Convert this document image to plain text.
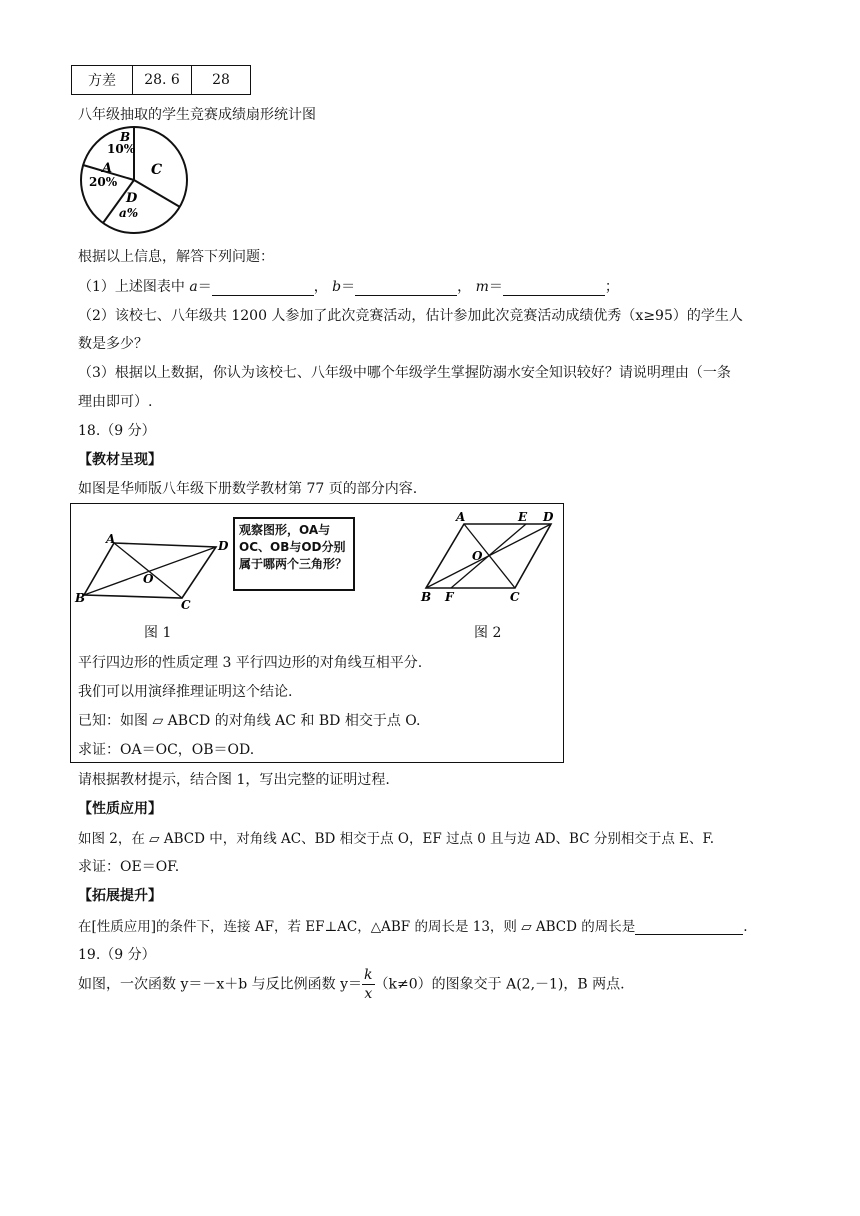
方差	28. 6	28
八年级抽取的学生竞赛成绩扇形统计图
B
10%
A
20%
C
D
a%
根据以上信息，解答下列问题：
（1）上述图表中 a＝	， b＝	， m＝	；
（2）该校七、八年级共 1200 人参加了此次竞赛活动，估计参加此次竞赛活动成绩优秀（x≥95）的学生人
数是多少？
（3）根据以上数据，你认为该校七、八年级中哪个年级学生掌握防溺水安全知识较好？请说明理由（一条
理由即可）.
18.（9 分）
【教材呈现】
如图是华师版八年级下册数学教材第 77 页的部分内容.
A	D
B	C
O
观察图形，OA与OC、OB与OD分别属于哪两个三角形？
A	E D
O
B F	C
图 1	图 2
平行四边形的性质定理 3 平行四边形的对角线互相平分.
我们可以用演绎推理证明这个结论.
已知：如图 ▱ ABCD 的对角线 AC 和 BD 相交于点 O.
求证：OA＝OC，OB＝OD.
请根据教材提示，结合图 1，写出完整的证明过程.
【性质应用】
如图 2，在 ▱ ABCD 中，对角线 AC、BD 相交于点 O，EF 过点 0 且与边 AD、BC 分别相交于点 E、F.
求证：OE＝OF.
【拓展提升】
在[性质应用]的条件下，连接 AF，若 EF⊥AC，△ABF 的周长是 13，则 ▱ ABCD 的周长是	.
19.（9 分）
如图，一次函数 y＝－x＋b 与反比例函数 $y= \frac{k}{x} (k\ne 0)$的图象交于 A(2,－1)，B 两点.
